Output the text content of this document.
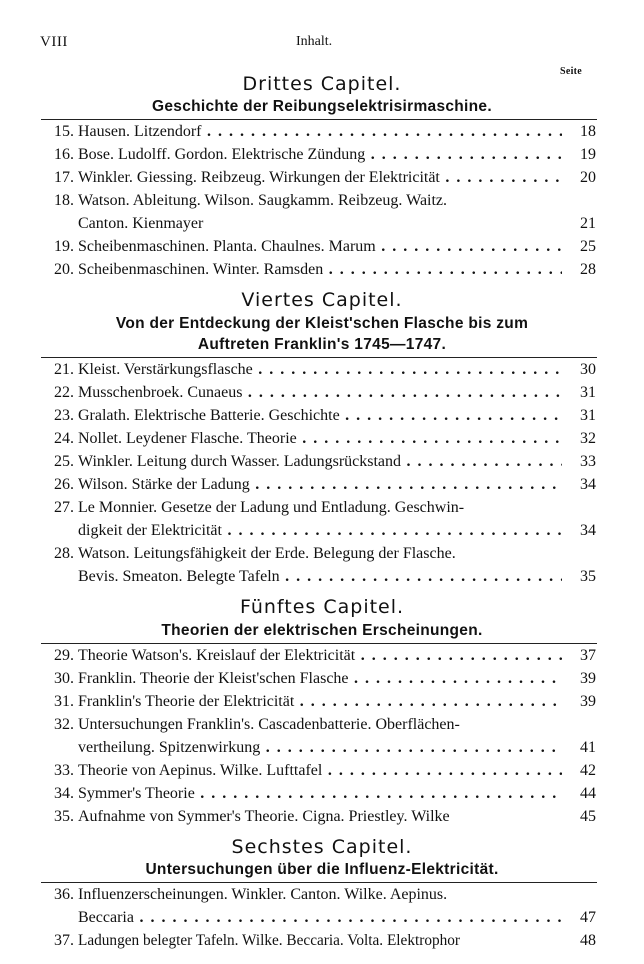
VIII	Inhalt.
Seite
Drittes Capitel.
Geschichte der Reibungselektrisirmaschine.
15. Hausen. Litzendorf . . .	18
16. Bose. Ludolff. Gordon. Elektrische Zündung . . .	19
17. Winkler. Giessing. Reibzeug. Wirkungen der Elektricität . . .	20
18. Watson. Ableitung. Wilson. Saugkamm. Reibzeug. Waitz.
Canton. Kienmayer	21
19. Scheibenmaschinen. Planta. Chaulnes. Marum . . .	25
20. Scheibenmaschinen. Winter. Ramsden . . .	28
Viertes Capitel.
Von der Entdeckung der Kleist'schen Flasche bis zum
Auftreten Franklin's 1745—1747.
21. Kleist. Verstärkungsflasche . . .	30
22. Musschenbroek. Cunaeus . . .	31
23. Gralath. Elektrische Batterie. Geschichte . . .	31
24. Nollet. Leydener Flasche. Theorie . . .	32
25. Winkler. Leitung durch Wasser. Ladungsrückstand . . .	33
26. Wilson. Stärke der Ladung . . .	34
27. Le Monnier. Gesetze der Ladung und Entladung. Geschwin-
digkeit der Elektricität . . .	34
28. Watson. Leitungsfähigkeit der Erde. Belegung der Flasche.
Bevis. Smeaton. Belegte Tafeln . . .	35
Fünftes Capitel.
Theorien der elektrischen Erscheinungen.
29. Theorie Watson's. Kreislauf der Elektricität . . .	37
30. Franklin. Theorie der Kleist'schen Flasche . . .	39
31. Franklin's Theorie der Elektricität . . .	39
32. Untersuchungen Franklin's. Cascadenbatterie. Oberflächen-
vertheilung. Spitzenwirkung . . .	41
33. Theorie von Aepinus. Wilke. Lufttafel . . .	42
34. Symmer's Theorie . . .	44
35. Aufnahme von Symmer's Theorie. Cigna. Priestley. Wilke	45
Sechstes Capitel.
Untersuchungen über die Influenz-Elektricität.
36. Influenzerscheinungen. Winkler. Canton. Wilke. Aepinus.
Beccaria . . .	47
37. Ladungen belegter Tafeln. Wilke. Beccaria. Volta. Elektrophor	48
